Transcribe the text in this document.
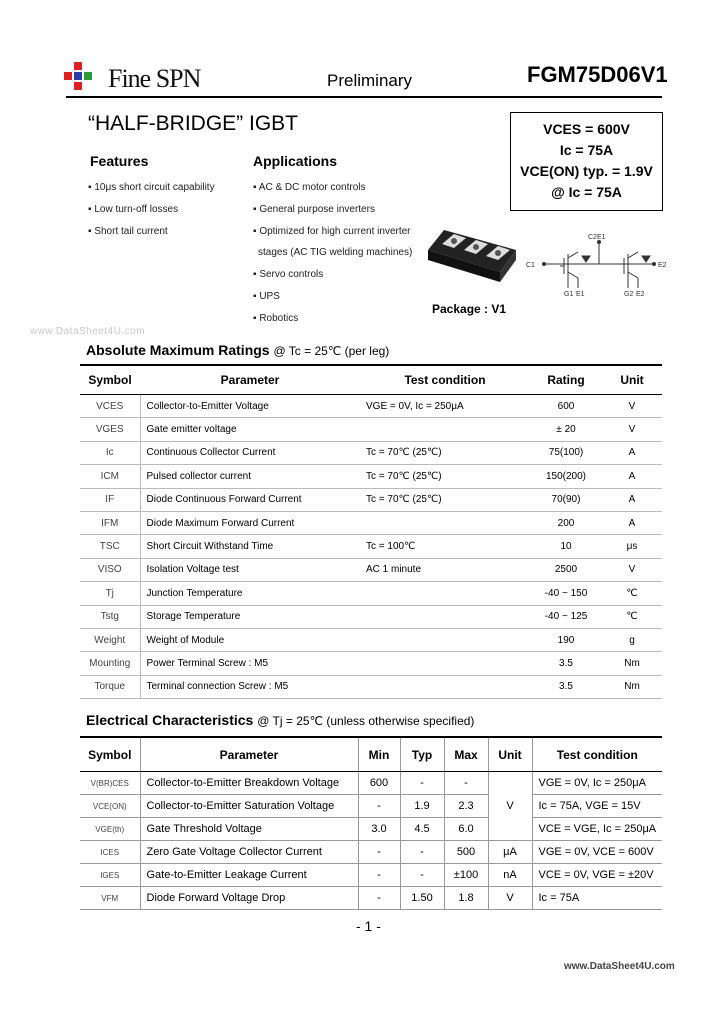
Fine SPN	Preliminary	FGM75D06V1
“HALF-BRIDGE” IGBT	VCES = 600V
Ic = 75A
VCE(ON) typ. = 1.9V
@ Ic = 75A
Features
▪ 10μs short circuit capability
▪ Low turn-off losses
▪ Short tail current
Applications
▪ AC & DC motor controls
▪ General purpose inverters
▪ Optimized for high current inverter
stages (AC TIG welding machines)
▪ Servo controls
▪ UPS
▪ Robotics
Package : V1
C2E1
C1
G1 E1	G2 E2
E2
www.DataSheet4U.com
Absolute Maximum Ratings @ Tc = 25℃ (per leg)
Symbol	Parameter	Test condition	Rating	Unit
VCES	Collector-to-Emitter Voltage	VGE = 0V, Ic = 250μA	600	V
VGES	Gate emitter voltage		± 20	V
Ic	Continuous Collector Current	Tc = 70℃ (25℃)	75(100)	A
ICM	Pulsed collector current	Tc = 70℃ (25℃)	150(200)	A
IF	Diode Continuous Forward Current	Tc = 70℃ (25℃)	70(90)	A
IFM	Diode Maximum Forward Current		200	A
TSC	Short Circuit Withstand Time	Tc = 100℃	10	μs
VISO	Isolation Voltage test	AC 1 minute	2500	V
Tj	Junction Temperature		-40 ~ 150	℃
Tstg	Storage Temperature		-40 ~ 125	℃
Weight	Weight of Module		190	g
Mounting	Power Terminal Screw : M5		3.5	Nm
Torque	Terminal connection Screw : M5		3.5	Nm
Electrical Characteristics @ Tj = 25℃ (unless otherwise specified)
Symbol	Parameter	Min	Typ	Max	Unit	Test condition
V(BR)CES	Collector-to-Emitter Breakdown Voltage	600	-	-	V	VGE = 0V, Ic = 250μA
VCE(ON)	Collector-to-Emitter Saturation Voltage	-	1.9	2.3		Ic = 75A, VGE = 15V
VGE(th)	Gate Threshold Voltage	3.0	4.5	6.0		VCE = VGE, Ic = 250μA
ICES	Zero Gate Voltage Collector Current	-	-	500	μA	VGE = 0V, VCE = 600V
IGES	Gate-to-Emitter Leakage Current	-	-	±100	nA	VCE = 0V, VGE = ±20V
VFM	Diode Forward Voltage Drop	-	1.50	1.8	V	Ic = 75A
- 1 -
www.DataSheet4U.com
